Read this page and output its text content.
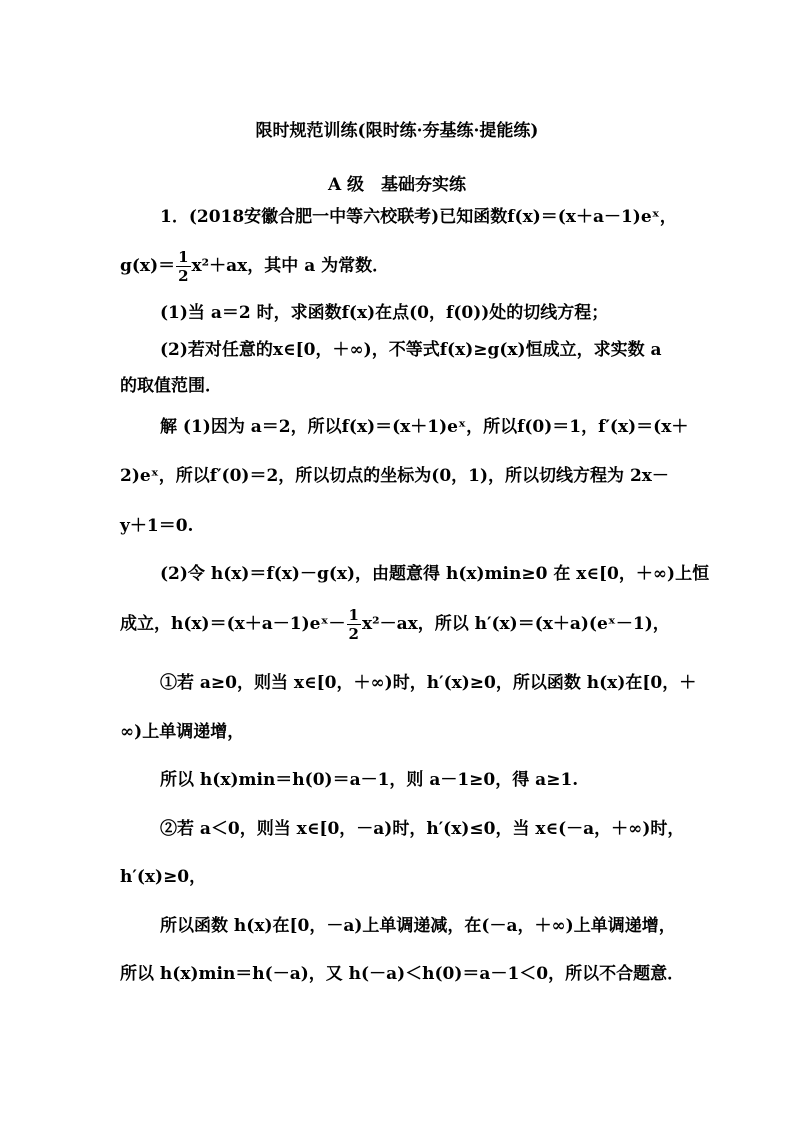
限时规范训练(限时练·夯基练·提能练)
A 级　基础夯实练
1．(2018安徽合肥一中等六校联考)已知函数f(x)＝(x＋a－1)eˣ，
$g(x)= \frac{1}{2} x^2+ax$，其中 a 为常数．
(1)当 a＝2 时，求函数f(x)在点(0，f(0))处的切线方程；
(2)若对任意的x∈[0，＋∞)，不等式f(x)≥g(x)恒成立，求实数 a
的取值范围．
解 (1)因为 a＝2，所以f(x)＝(x＋1)eˣ，所以f(0)＝1，f′(x)＝(x＋
2)eˣ，所以f′(0)＝2，所以切点的坐标为(0，1)，所以切线方程为 2x－
y＋1＝0.
(2)令 h(x)＝f(x)－g(x)，由题意得 h(x)min≥0 在 x∈[0，＋∞)上恒
成立，h(x)＝(x＋a－1)eˣ－ $\frac{1}{2} x^2-ax$，所以 h′(x)＝(x＋a)(eˣ－1)，
①若 a≥0，则当 x∈[0，＋∞)时，h′(x)≥0，所以函数 h(x)在[0，＋
∞)上单调递增，
所以 h(x)min＝h(0)＝a－1，则 a－1≥0，得 a≥1.
②若 a＜0，则当 x∈[0，－a)时，h′(x)≤0，当 x∈(－a，＋∞)时，
h′(x)≥0，
所以函数 h(x)在[0，－a)上单调递减，在(－a，＋∞)上单调递增，
所以 h(x)min＝h(－a)，又 h(－a)＜h(0)＝a－1＜0，所以不合题意．
